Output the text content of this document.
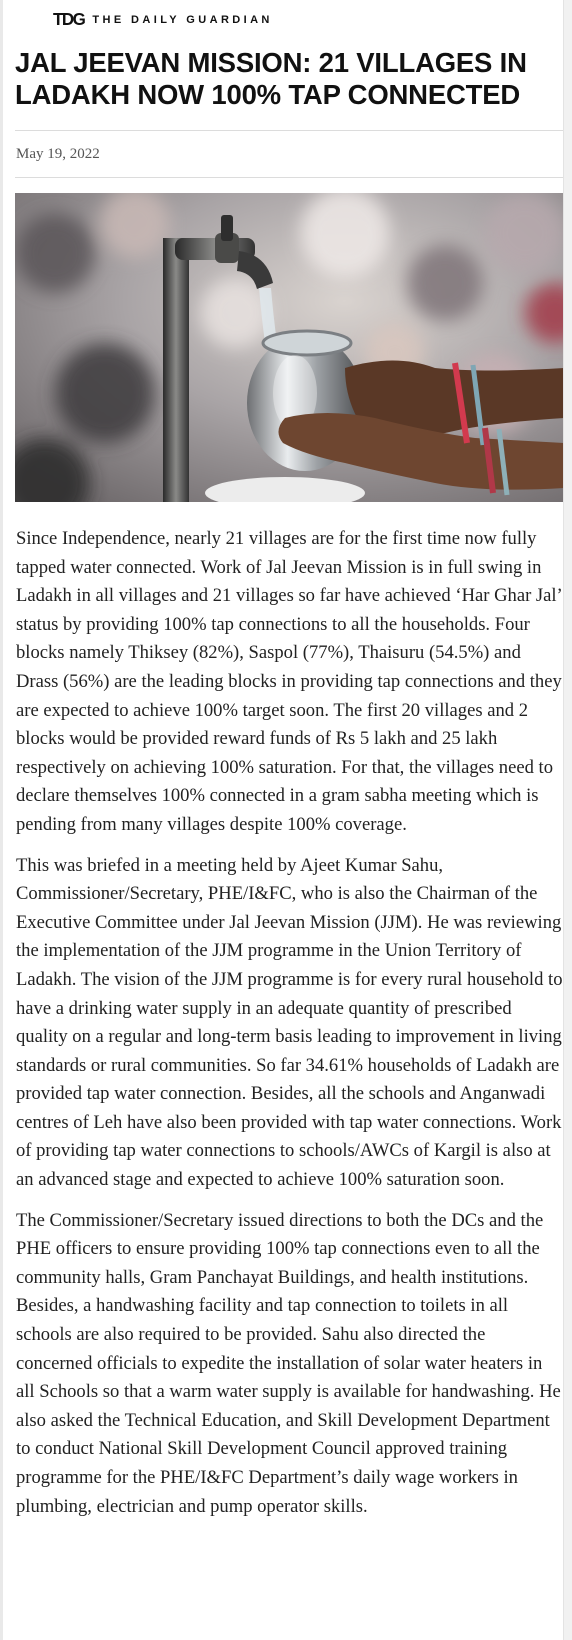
TDG THE DAILY GUARDIAN
JAL JEEVAN MISSION: 21 VILLAGES IN LADAKH NOW 100% TAP CONNECTED
May 19, 2022

Since Independence, nearly 21 villages are for the first time now fully tapped water connected. Work of Jal Jeevan Mission is in full swing in Ladakh in all villages and 21 villages so far have achieved ‘Har Ghar Jal’ status by providing 100% tap connections to all the households. Four blocks namely Thiksey (82%), Saspol (77%), Thaisuru (54.5%) and Drass (56%) are the leading blocks in providing tap connections and they are expected to achieve 100% target soon. The first 20 villages and 2 blocks would be provided reward funds of Rs 5 lakh and 25 lakh respectively on achieving 100% saturation. For that, the villages need to declare themselves 100% connected in a gram sabha meeting which is pending from many villages despite 100% coverage.

This was briefed in a meeting held by Ajeet Kumar Sahu, Commissioner/Secretary, PHE/I&FC, who is also the Chairman of the Executive Committee under Jal Jeevan Mission (JJM). He was reviewing the implementation of the JJM programme in the Union Territory of Ladakh. The vision of the JJM programme is for every rural household to have a drinking water supply in an adequate quantity of prescribed quality on a regular and long-term basis leading to improvement in living standards or rural communities. So far 34.61% households of Ladakh are provided tap water connection. Besides, all the schools and Anganwadi centres of Leh have also been provided with tap water connections. Work of providing tap water connections to schools/AWCs of Kargil is also at an advanced stage and expected to achieve 100% saturation soon.

The Commissioner/Secretary issued directions to both the DCs and the PHE officers to ensure providing 100% tap connections even to all the community halls, Gram Panchayat Buildings, and health institutions. Besides, a handwashing facility and tap connection to toilets in all schools are also required to be provided. Sahu also directed the concerned officials to expedite the installation of solar water heaters in all Schools so that a warm water supply is available for handwashing. He also asked the Technical Education, and Skill Development Department to conduct National Skill Development Council approved training programme for the PHE/I&FC Department’s daily wage workers in plumbing, electrician and pump operator skills.
